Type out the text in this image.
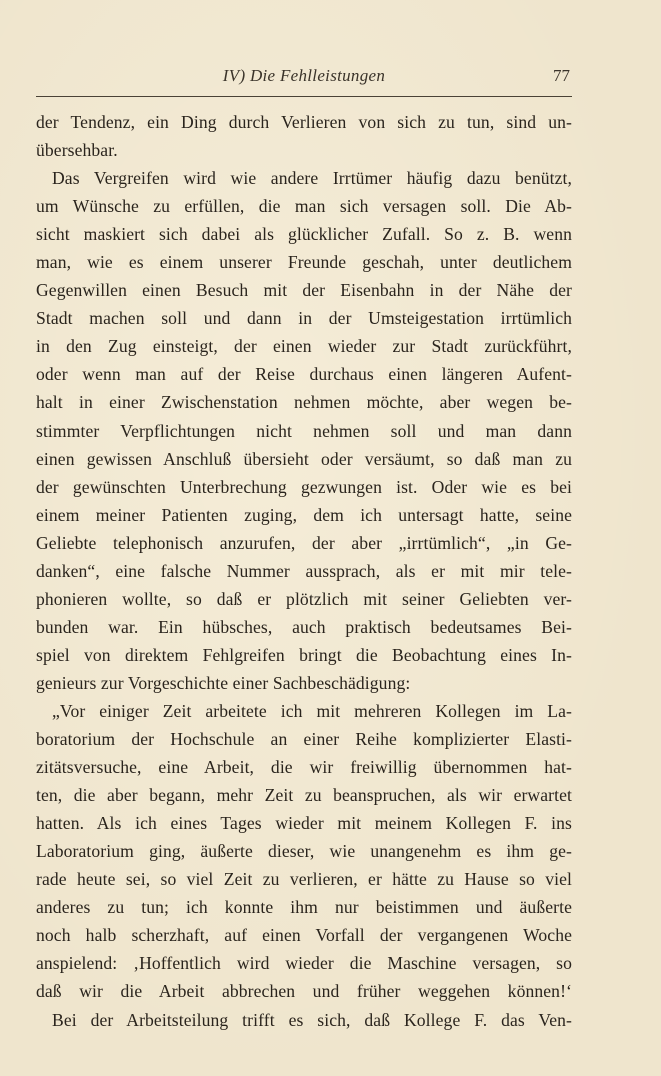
IV) Die Fehlleistungen	77
der Tendenz, ein Ding durch Verlieren von sich zu tun, sind un-
übersehbar.
Das Vergreifen wird wie andere Irrtümer häufig dazu benützt,
um Wünsche zu erfüllen, die man sich versagen soll. Die Ab-
sicht maskiert sich dabei als glücklicher Zufall. So z. B. wenn
man, wie es einem unserer Freunde geschah, unter deutlichem
Gegenwillen einen Besuch mit der Eisenbahn in der Nähe der
Stadt machen soll und dann in der Umsteigestation irrtümlich
in den Zug einsteigt, der einen wieder zur Stadt zurückführt,
oder wenn man auf der Reise durchaus einen längeren Aufent-
halt in einer Zwischenstation nehmen möchte, aber wegen be-
stimmter Verpflichtungen nicht nehmen soll und man dann
einen gewissen Anschluß übersieht oder versäumt, so daß man zu
der gewünschten Unterbrechung gezwungen ist. Oder wie es bei
einem meiner Patienten zuging, dem ich untersagt hatte, seine
Geliebte telephonisch anzurufen, der aber „irrtümlich“, „in Ge-
danken“, eine falsche Nummer aussprach, als er mit mir tele-
phonieren wollte, so daß er plötzlich mit seiner Geliebten ver-
bunden war. Ein hübsches, auch praktisch bedeutsames Bei-
spiel von direktem Fehlgreifen bringt die Beobachtung eines In-
genieurs zur Vorgeschichte einer Sachbeschädigung:
„Vor einiger Zeit arbeitete ich mit mehreren Kollegen im La-
boratorium der Hochschule an einer Reihe komplizierter Elasti-
zitätsversuche, eine Arbeit, die wir freiwillig übernommen hat-
ten, die aber begann, mehr Zeit zu beanspruchen, als wir erwartet
hatten. Als ich eines Tages wieder mit meinem Kollegen F. ins
Laboratorium ging, äußerte dieser, wie unangenehm es ihm ge-
rade heute sei, so viel Zeit zu verlieren, er hätte zu Hause so viel
anderes zu tun; ich konnte ihm nur beistimmen und äußerte
noch halb scherzhaft, auf einen Vorfall der vergangenen Woche
anspielend: ‚Hoffentlich wird wieder die Maschine versagen, so
daß wir die Arbeit abbrechen und früher weggehen können!‘
Bei der Arbeitsteilung trifft es sich, daß Kollege F. das Ven-
